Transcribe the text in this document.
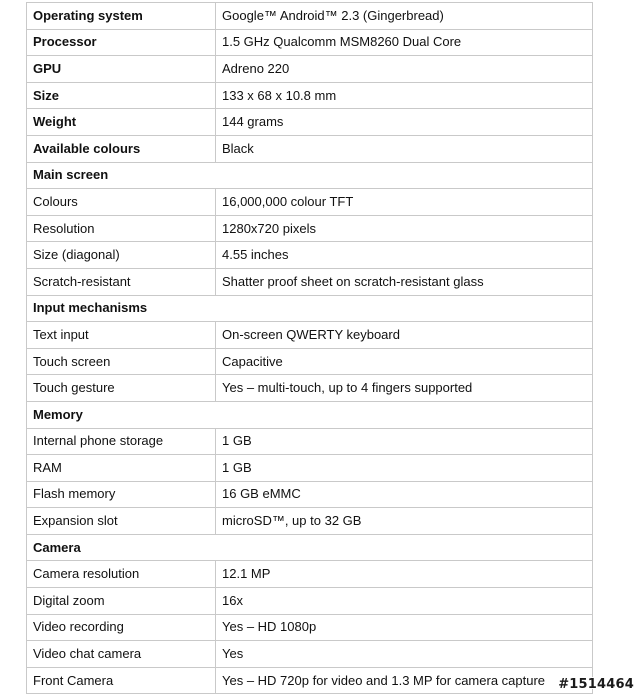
Operating system	Google™ Android™ 2.3 (Gingerbread)
Processor	1.5 GHz Qualcomm MSM8260 Dual Core
GPU	Adreno 220
Size	133 x 68 x 10.8 mm
Weight	144 grams
Available colours	Black
Main screen	
Colours	16,000,000 colour TFT
Resolution	1280x720 pixels
Size (diagonal)	4.55 inches
Scratch-resistant	Shatter proof sheet on scratch-resistant glass
Input mechanisms	
Text input	On-screen QWERTY keyboard
Touch screen	Capacitive
Touch gesture	Yes – multi-touch, up to 4 fingers supported
Memory	
Internal phone storage	1 GB
RAM	1 GB
Flash memory	16 GB eMMC
Expansion slot	microSD™, up to 32 GB
Camera	
Camera resolution	12.1 MP
Digital zoom	16x
Video recording	Yes – HD 1080p
Video chat camera	Yes
Front Camera	Yes – HD 720p for video and 1.3 MP for camera capture #1514464
